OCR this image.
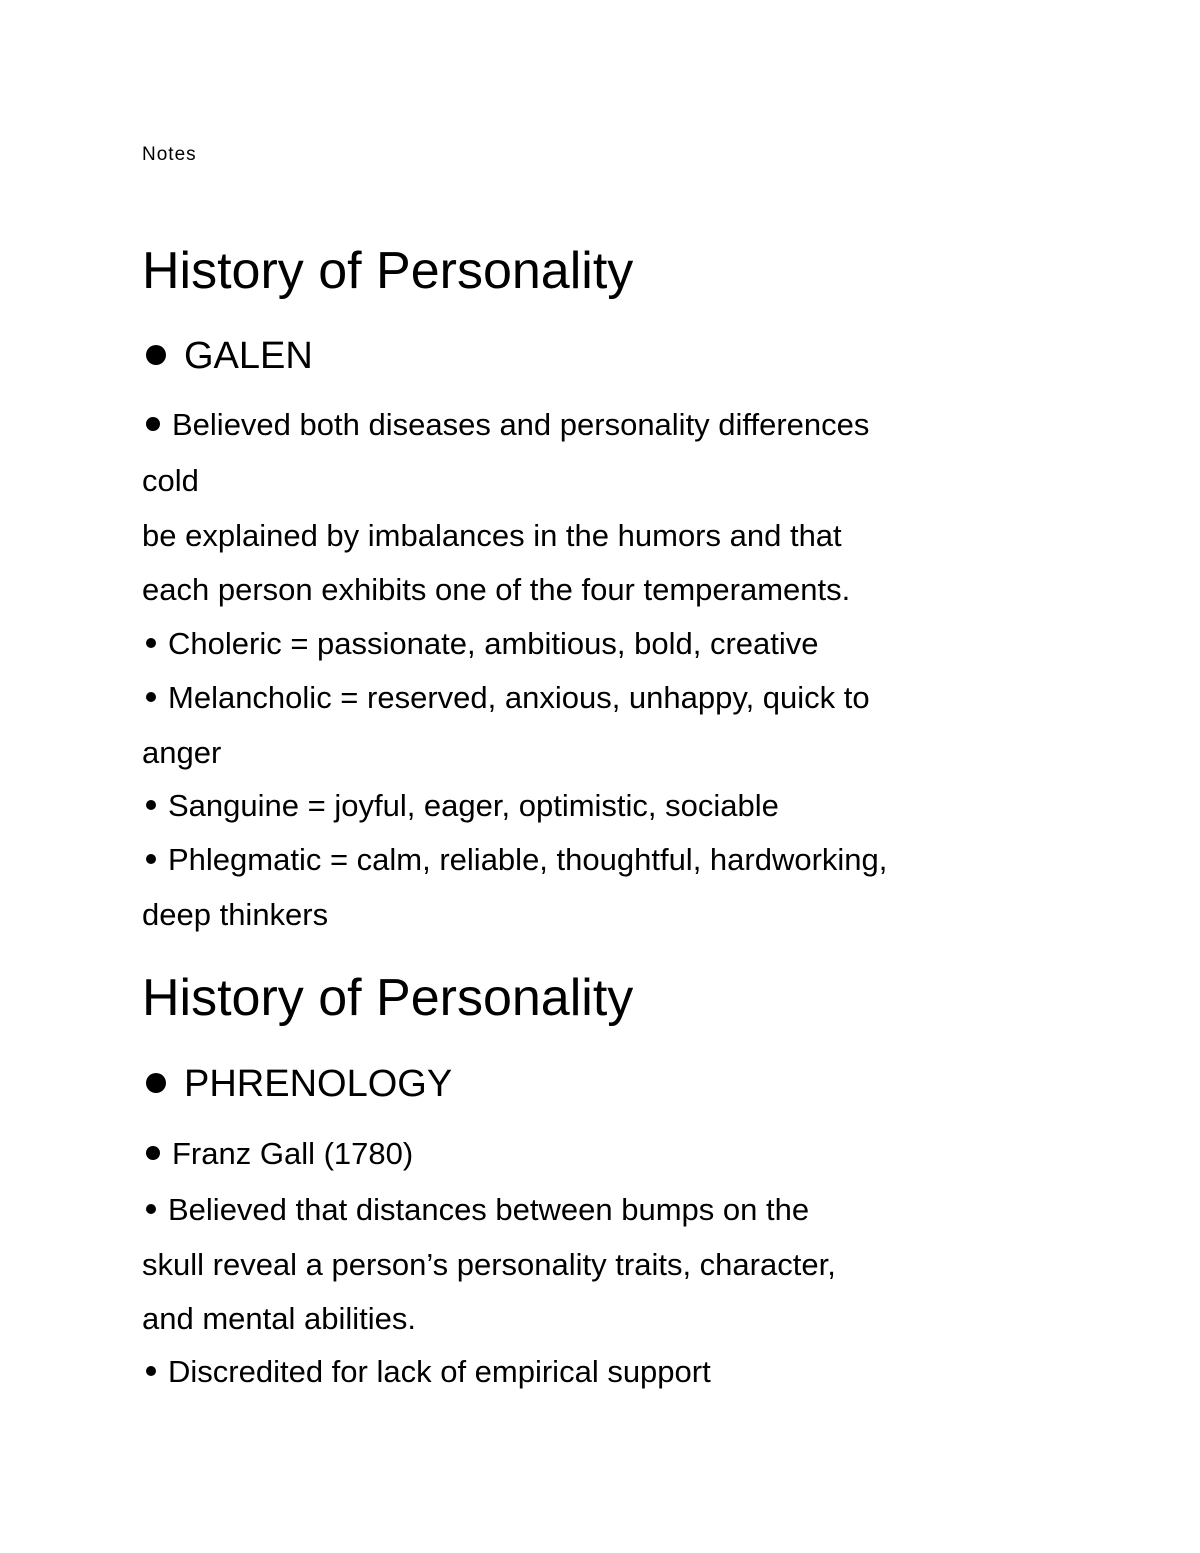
Notes
History of Personality
GALEN
Believed both diseases and personality differences
cold
be explained by imbalances in the humors and that
each person exhibits one of the four temperaments.
Choleric = passionate, ambitious, bold, creative
Melancholic = reserved, anxious, unhappy, quick to
anger
Sanguine = joyful, eager, optimistic, sociable
Phlegmatic = calm, reliable, thoughtful, hardworking,
deep thinkers
History of Personality
PHRENOLOGY
Franz Gall (1780)
Believed that distances between bumps on the
skull reveal a person’s personality traits, character,
and mental abilities.
Discredited for lack of empirical support
